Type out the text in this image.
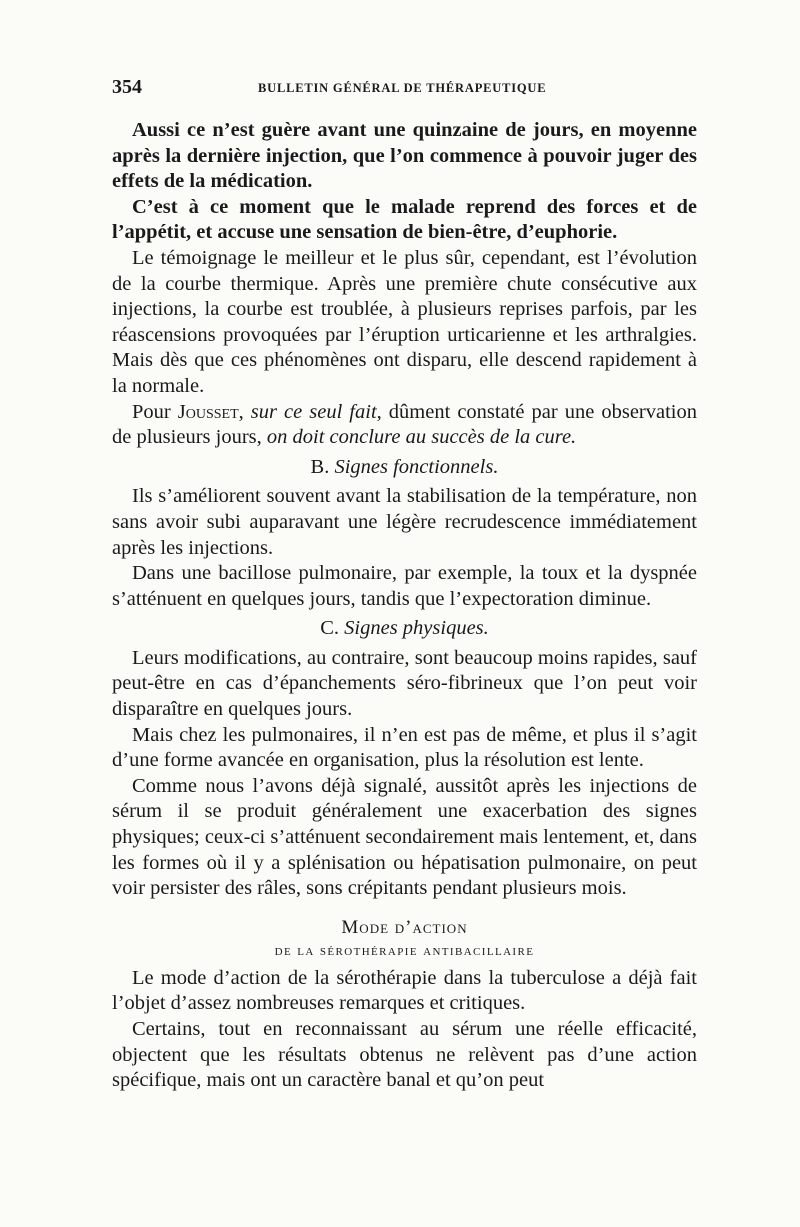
354	BULLETIN GÉNÉRAL DE THÉRAPEUTIQUE

Aussi ce n’est guère avant une quinzaine de jours, en moyenne après la dernière injection, que l’on commence à pouvoir juger des effets de la médication.

C’est à ce moment que le malade reprend des forces et de l’appétit, et accuse une sensation de bien-être, d’euphorie.

Le témoignage le meilleur et le plus sûr, cependant, est l’évolution de la courbe thermique. Après une première chute consécutive aux injections, la courbe est troublée, à plusieurs reprises parfois, par les réascensions provoquées par l’éruption urticarienne et les arthralgies. Mais dès que ces phénomènes ont disparu, elle descend rapidement à la normale.

Pour Jousset, sur ce seul fait, dûment constaté par une observation de plusieurs jours, on doit conclure au succès de la cure.

B. Signes fonctionnels.

Ils s’améliorent souvent avant la stabilisation de la température, non sans avoir subi auparavant une légère recrudescence immédiatement après les injections.

Dans une bacillose pulmonaire, par exemple, la toux et la dyspnée s’atténuent en quelques jours, tandis que l’expectoration diminue.

C. Signes physiques.

Leurs modifications, au contraire, sont beaucoup moins rapides, sauf peut-être en cas d’épanchements séro-fibrineux que l’on peut voir disparaître en quelques jours.

Mais chez les pulmonaires, il n’en est pas de même, et plus il s’agit d’une forme avancée en organisation, plus la résolution est lente.

Comme nous l’avons déjà signalé, aussitôt après les injections de sérum il se produit généralement une exacerbation des signes physiques; ceux-ci s’atténuent secondairement mais lentement, et, dans les formes où il y a splénisation ou hépatisation pulmonaire, on peut voir persister des râles, sons crépitants pendant plusieurs mois.

Mode d’action
de la sérothérapie antibacillaire

Le mode d’action de la sérothérapie dans la tuberculose a déjà fait l’objet d’assez nombreuses remarques et critiques.

Certains, tout en reconnaissant au sérum une réelle efficacité, objectent que les résultats obtenus ne relèvent pas d’une action spécifique, mais ont un caractère banal et qu’on peut
